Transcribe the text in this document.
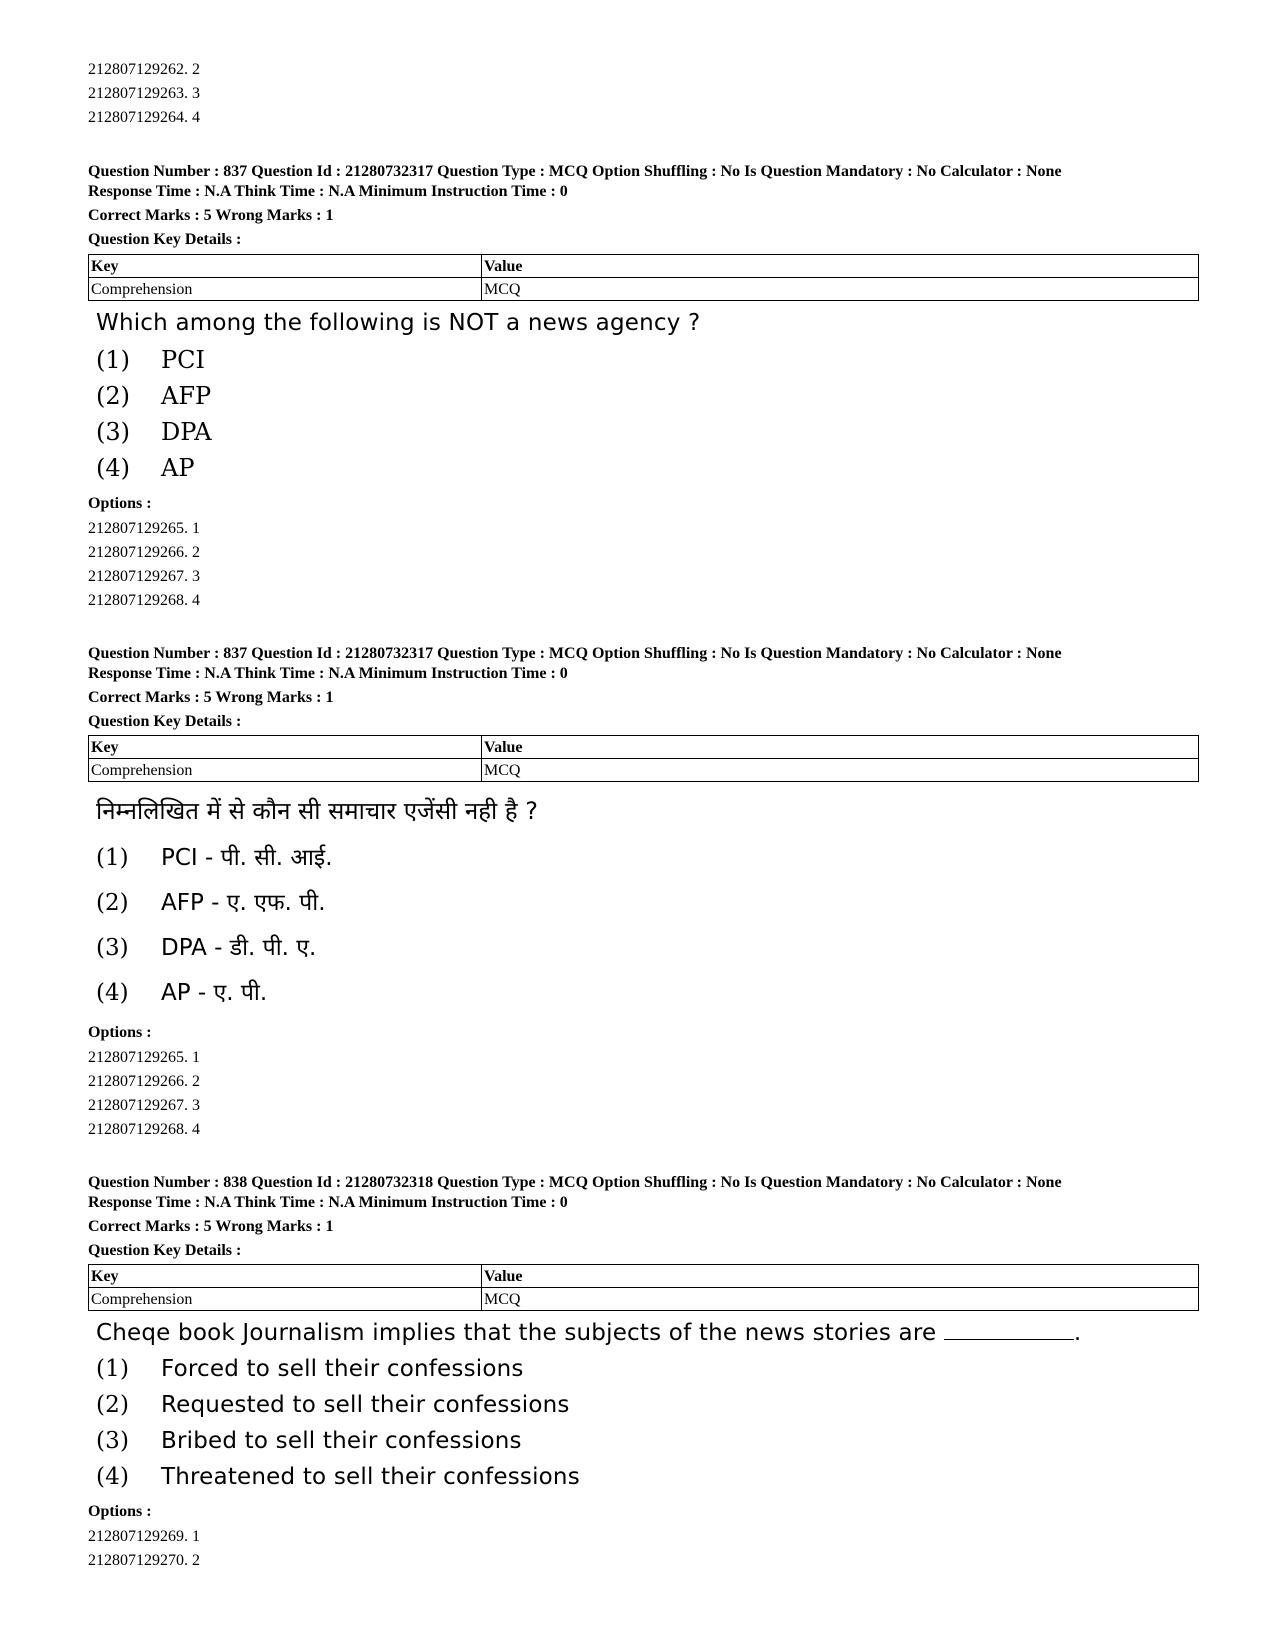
212807129262. 2
212807129263. 3
212807129264. 4
Question Number : 837 Question Id : 21280732317 Question Type : MCQ Option Shuffling : No Is Question Mandatory : No Calculator : None
Response Time : N.A Think Time : N.A Minimum Instruction Time : 0
Correct Marks : 5 Wrong Marks : 1
Question Key Details :
Key	Value
Comprehension	MCQ
Which among the following is NOT a news agency ?
(1) PCI
(2) AFP
(3) DPA
(4) AP
Options :
212807129265. 1
212807129266. 2
212807129267. 3
212807129268. 4
Question Number : 837 Question Id : 21280732317 Question Type : MCQ Option Shuffling : No Is Question Mandatory : No Calculator : None
Response Time : N.A Think Time : N.A Minimum Instruction Time : 0
Correct Marks : 5 Wrong Marks : 1
Question Key Details :
Key	Value
Comprehension	MCQ
निम्नलिखित में से कौन सी समाचार एजेंसी नही है ?
(1) PCI - पी. सी. आई.
(2) AFP - ए. एफ. पी.
(3) DPA - डी. पी. ए.
(4) AP - ए. पी.
Options :
212807129265. 1
212807129266. 2
212807129267. 3
212807129268. 4
Question Number : 838 Question Id : 21280732318 Question Type : MCQ Option Shuffling : No Is Question Mandatory : No Calculator : None
Response Time : N.A Think Time : N.A Minimum Instruction Time : 0
Correct Marks : 5 Wrong Marks : 1
Question Key Details :
Key	Value
Comprehension	MCQ
Cheqe book Journalism implies that the subjects of the news stories are	.
(1) Forced to sell their confessions
(2) Requested to sell their confessions
(3) Bribed to sell their confessions
(4) Threatened to sell their confessions
Options :
212807129269. 1
212807129270. 2
